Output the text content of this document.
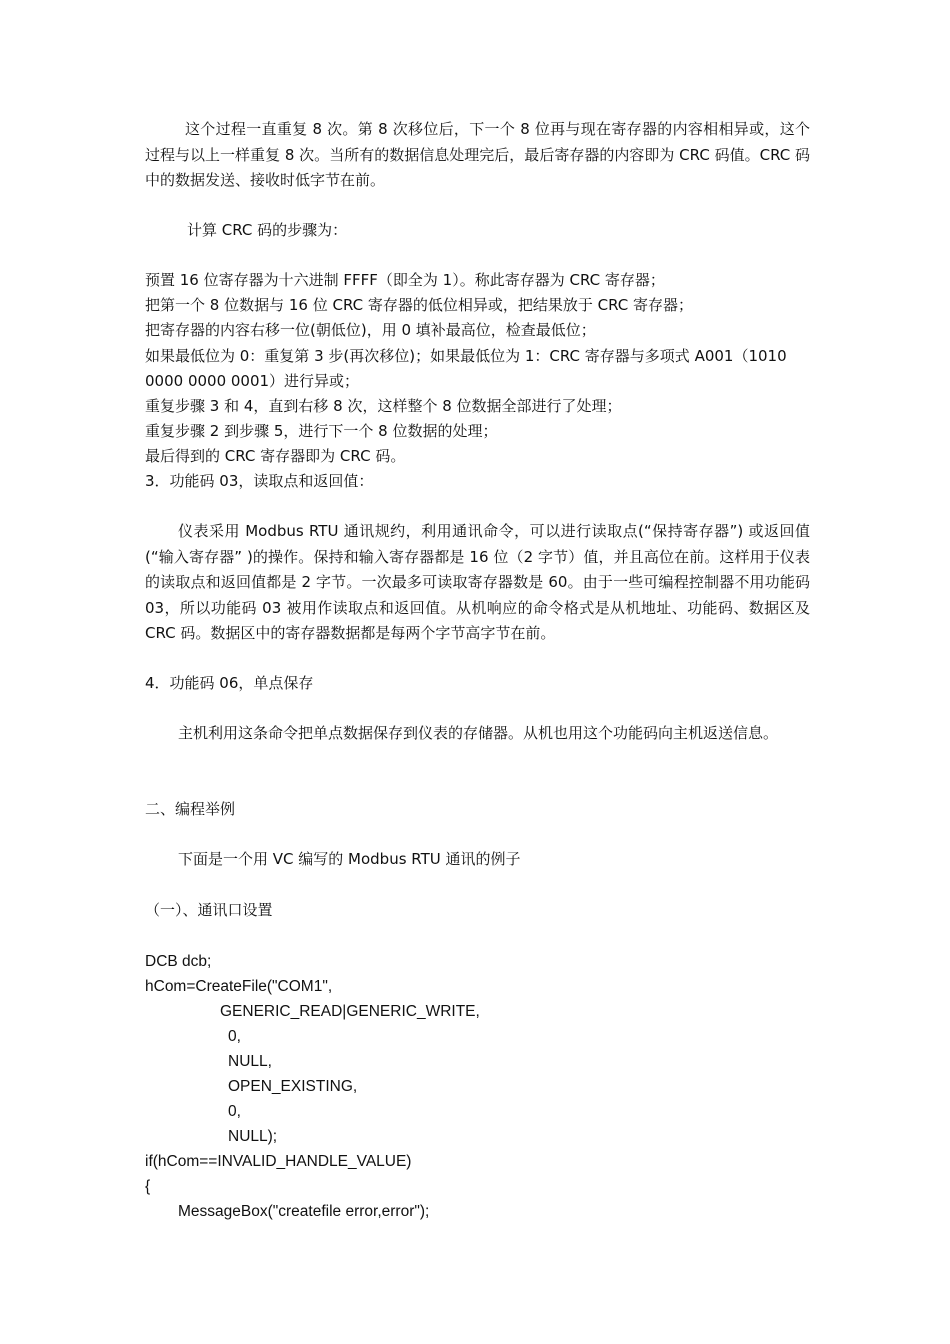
这个过程一直重复 8 次。第 8 次移位后，下一个 8 位再与现在寄存器的内容相相异或，这个过程与以上一样重复 8 次。当所有的数据信息处理完后，最后寄存器的内容即为 CRC 码值。CRC 码中的数据发送、接收时低字节在前。
计算 CRC 码的步骤为：
预置 16 位寄存器为十六进制 FFFF（即全为 1）。称此寄存器为 CRC 寄存器；
把第一个 8 位数据与 16 位 CRC 寄存器的低位相异或，把结果放于 CRC 寄存器；
把寄存器的内容右移一位(朝低位)，用 0 填补最高位，检查最低位；
如果最低位为 0：重复第 3 步(再次移位)；如果最低位为 1：CRC 寄存器与多项式 A001（1010
0000 0000 0001）进行异或；
重复步骤 3 和 4，直到右移 8 次，这样整个 8 位数据全部进行了处理；
重复步骤 2 到步骤 5，进行下一个 8 位数据的处理；
最后得到的 CRC 寄存器即为 CRC 码。
3．功能码 03，读取点和返回值：
仪表采用 Modbus RTU 通讯规约，利用通讯命令，可以进行读取点(“保持寄存器”) 或返回值(“输入寄存器” )的操作。保持和输入寄存器都是 16 位（2 字节）值，并且高位在前。这样用于仪表的读取点和返回值都是 2 字节。一次最多可读取寄存器数是 60。由于一些可编程控制器不用功能码 03，所以功能码 03 被用作读取点和返回值。从机响应的命令格式是从机地址、功能码、数据区及 CRC 码。数据区中的寄存器数据都是每两个字节高字节在前。
4．功能码 06，单点保存
主机利用这条命令把单点数据保存到仪表的存储器。从机也用这个功能码向主机返送信息。
二、编程举例
下面是一个用 VC 编写的 Modbus RTU 通讯的例子
（一）、通讯口设置
DCB dcb;
hCom=CreateFile("COM1",
GENERIC_READ|GENERIC_WRITE,
0,
NULL,
OPEN_EXISTING,
0,
NULL);
if(hCom==INVALID_HANDLE_VALUE)
{
MessageBox("createfile error,error");
